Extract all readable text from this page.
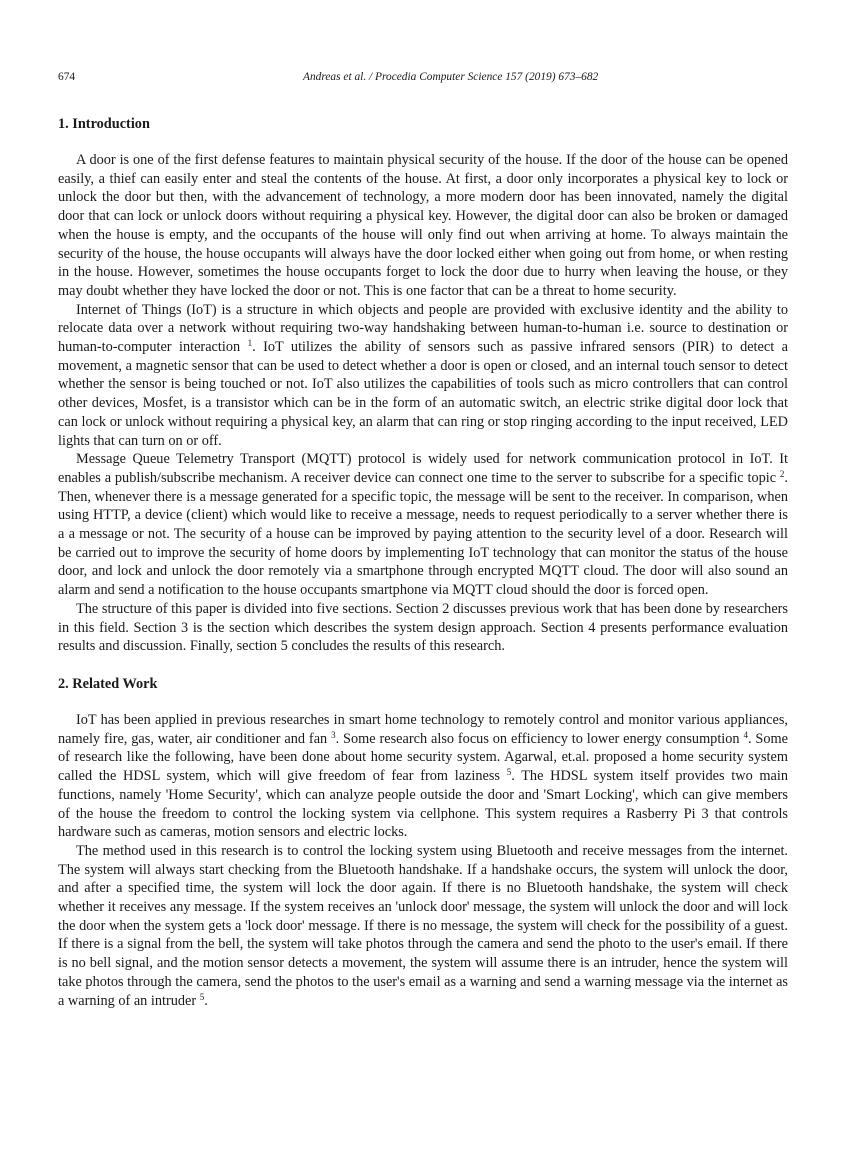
674	Andreas et al. / Procedia Computer Science 157 (2019) 673–682
1. Introduction

A door is one of the first defense features to maintain physical security of the house. If the door of the house can be opened easily, a thief can easily enter and steal the contents of the house. At first, a door only incorporates a physical key to lock or unlock the door but then, with the advancement of technology, a more modern door has been innovated, namely the digital door that can lock or unlock doors without requiring a physical key. However, the digital door can also be broken or damaged when the house is empty, and the occupants of the house will only find out when arriving at home. To always maintain the security of the house, the house occupants will always have the door locked either when going out from home, or when resting in the house. However, sometimes the house occupants forget to lock the door due to hurry when leaving the house, or they may doubt whether they have locked the door or not. This is one factor that can be a threat to home security.

Internet of Things (IoT) is a structure in which objects and people are provided with exclusive identity and the ability to relocate data over a network without requiring two-way handshaking between human-to-human i.e. source to destination or human-to-computer interaction $^1$. IoT utilizes the ability of sensors such as passive infrared sensors (PIR) to detect a movement, a magnetic sensor that can be used to detect whether a door is open or closed, and an internal touch sensor to detect whether the sensor is being touched or not. IoT also utilizes the capabilities of tools such as micro controllers that can control other devices, Mosfet, is a transistor which can be in the form of an automatic switch, an electric strike digital door lock that can lock or unlock without requiring a physical key, an alarm that can ring or stop ringing according to the input received, LED lights that can turn on or off.

Message Queue Telemetry Transport (MQTT) protocol is widely used for network communication protocol in IoT. It enables a publish/subscribe mechanism. A receiver device can connect one time to the server to subscribe for a specific topic $^2$. Then, whenever there is a message generated for a specific topic, the message will be sent to the receiver. In comparison, when using HTTP, a device (client) which would like to receive a message, needs to request periodically to a server whether there is a a message or not. The security of a house can be improved by paying attention to the security level of a door. Research will be carried out to improve the security of home doors by implementing IoT technology that can monitor the status of the house door, and lock and unlock the door remotely via a smartphone through encrypted MQTT cloud. The door will also sound an alarm and send a notification to the house occupants smartphone via MQTT cloud should the door is forced open.

The structure of this paper is divided into five sections. Section 2 discusses previous work that has been done by researchers in this field. Section 3 is the section which describes the system design approach. Section 4 presents performance evaluation results and discussion. Finally, section 5 concludes the results of this research.

2. Related Work

IoT has been applied in previous researches in smart home technology to remotely control and monitor various appliances, namely fire, gas, water, air conditioner and fan $^3$. Some research also focus on efficiency to lower energy consumption $^4$. Some of research like the following, have been done about home security system. Agarwal, et.al. proposed a home security system called the HDSL system, which will give freedom of fear from laziness $^5$. The HDSL system itself provides two main functions, namely 'Home Security', which can analyze people outside the door and 'Smart Locking', which can give members of the house the freedom to control the locking system via cellphone. This system requires a Rasberry Pi 3 that controls hardware such as cameras, motion sensors and electric locks.

The method used in this research is to control the locking system using Bluetooth and receive messages from the internet. The system will always start checking from the Bluetooth handshake. If a handshake occurs, the system will unlock the door, and after a specified time, the system will lock the door again. If there is no Bluetooth handshake, the system will check whether it receives any message. If the system receives an 'unlock door' message, the system will unlock the door and will lock the door when the system gets a 'lock door' message. If there is no message, the system will check for the possibility of a guest. If there is a signal from the bell, the system will take photos through the camera and send the photo to the user's email. If there is no bell signal, and the motion sensor detects a movement, the system will assume there is an intruder, hence the system will take photos through the camera, send the photos to the user's email as a warning and send a warning message via the internet as a warning of an intruder $^5$.
